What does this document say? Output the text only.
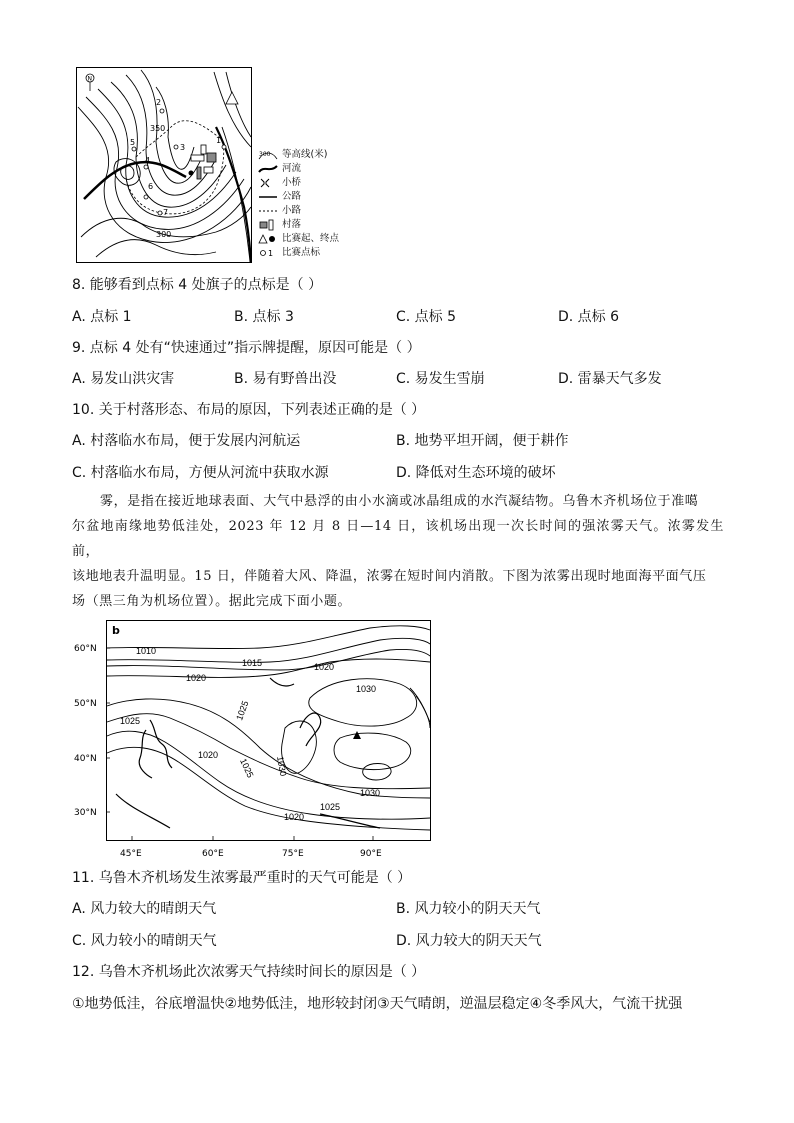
N
1
2
3
4
5
6
7
350
300
300 等高线(米)
河流
小桥
公路
小路
村落
比赛起、终点
1 比赛点标
8. 能够看到点标 4 处旗子的点标是（ ）
A. 点标 1	B. 点标 3	C. 点标 5	D. 点标 6
9. 点标 4 处有“快速通过”指示牌提醒，原因可能是（ ）
A. 易发山洪灾害	B. 易有野兽出没	C. 易发生雪崩	D. 雷暴天气多发
10. 关于村落形态、布局的原因，下列表述正确的是（ ）
A. 村落临水布局，便于发展内河航运	B. 地势平坦开阔，便于耕作
C. 村落临水布局，方便从河流中获取水源	D. 降低对生态环境的破坏

雾，是指在接近地球表面、大气中悬浮的由小水滴或冰晶组成的水汽凝结物。乌鲁木齐机场位于准噶

尔盆地南缘地势低洼处，2023 年 12 月 8 日—14 日，该机场出现一次长时间的强浓雾天气。浓雾发生前，

该地地表升温明显。15 日，伴随着大风、降温，浓雾在短时间内消散。下图为浓雾出现时地面海平面气压

场（黑三角为机场位置）。据此完成下面小题。

b
60°N
50°N
40°N
30°N
45°E	60°E	75°E	90°E
1010
1015	1020
1020
1030
1025	1025
1020
1025 1030
1030
1025
1020
11. 乌鲁木齐机场发生浓雾最严重时的天气可能是（ ）
A. 风力较大的晴朗天气	B. 风力较小的阴天天气
C. 风力较小的晴朗天气	D. 风力较大的阴天天气
12. 乌鲁木齐机场此次浓雾天气持续时间长的原因是（ ）
①地势低洼，谷底增温快②地势低洼，地形较封闭③天气晴朗，逆温层稳定④冬季风大，气流干扰强
